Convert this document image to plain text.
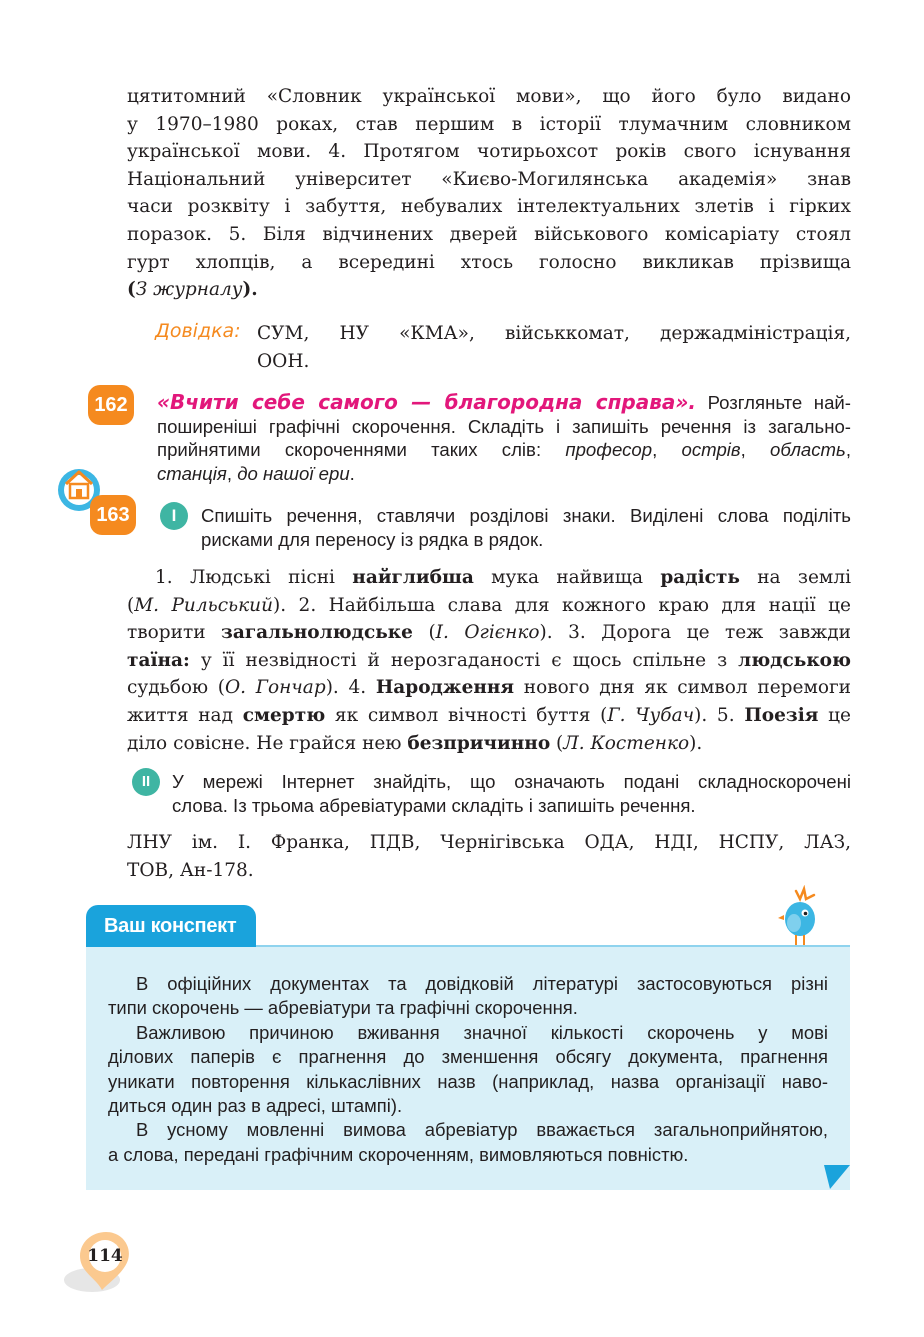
цятитомний «Словник української мови», що його було видано
у 1970–1980 роках, став першим в історії тлумачним словником
української мови. 4. Протягом чотирьохсот років свого існування
Національний університет «Києво-Могилянська академія» знав
часи розквіту і забуття, небувалих інтелектуальних злетів і гірких
поразок. 5. Біля відчинених дверей військового комісаріату стоял
гурт хлопців, а всередині хтось голосно викликав прізвища
(З журналу).
Довідка: СУМ, НУ «КМА», військкомат, держадміністрація,
ООН.
162	«Вчити себе самого — благородна справа». Розгляньте най-
поширеніші графічні скорочення. Складіть і запишіть речення із загально-
прийнятими скороченнями таких слів: професор, острів, область,
станція, до нашої ери.
163	I	Спишіть речення, ставлячи розділові знаки. Виділені слова поділіть
рисками для переносу із рядка в рядок.
1. Людські пісні найглибша мука найвища радість на землі
(М. Рильський). 2. Найбільша слава для кожного краю для нації це
творити загальнолюдське (І. Огієнко). 3. Дорога це теж завжди
таїна: у її незвідності й нерозгаданості є щось спільне з людською
судьбою (О. Гончар). 4. Народження нового дня як символ перемоги
життя над смертю як символ вічності буття (Г. Чубач). 5. Поезія це
діло совісне. Не грайся нею безпричинно (Л. Костенко).
II	У мережі Інтернет знайдіть, що означають подані складноскорочені
слова. Із трьома абревіатурами складіть і запишіть речення.
ЛНУ ім. І. Франка, ПДВ, Чернігівська ОДА, НДІ, НСПУ, ЛАЗ,
ТОВ, Ан-178.
Ваш конспект
В офіційних документах та довідковій літературі застосовуються різні
типи скорочень — абревіатури та графічні скорочення.
Важливою причиною вживання значної кількості скорочень у мові
ділових паперів є прагнення до зменшення обсягу документа, прагнення
уникати повторення кількаслівних назв (наприклад, назва організації наво-
диться один раз в адресі, штампі).
В усному мовленні вимова абревіатур вважається загальноприйнятою,
а слова, передані графічним скороченням, вимовляються повністю.
114
